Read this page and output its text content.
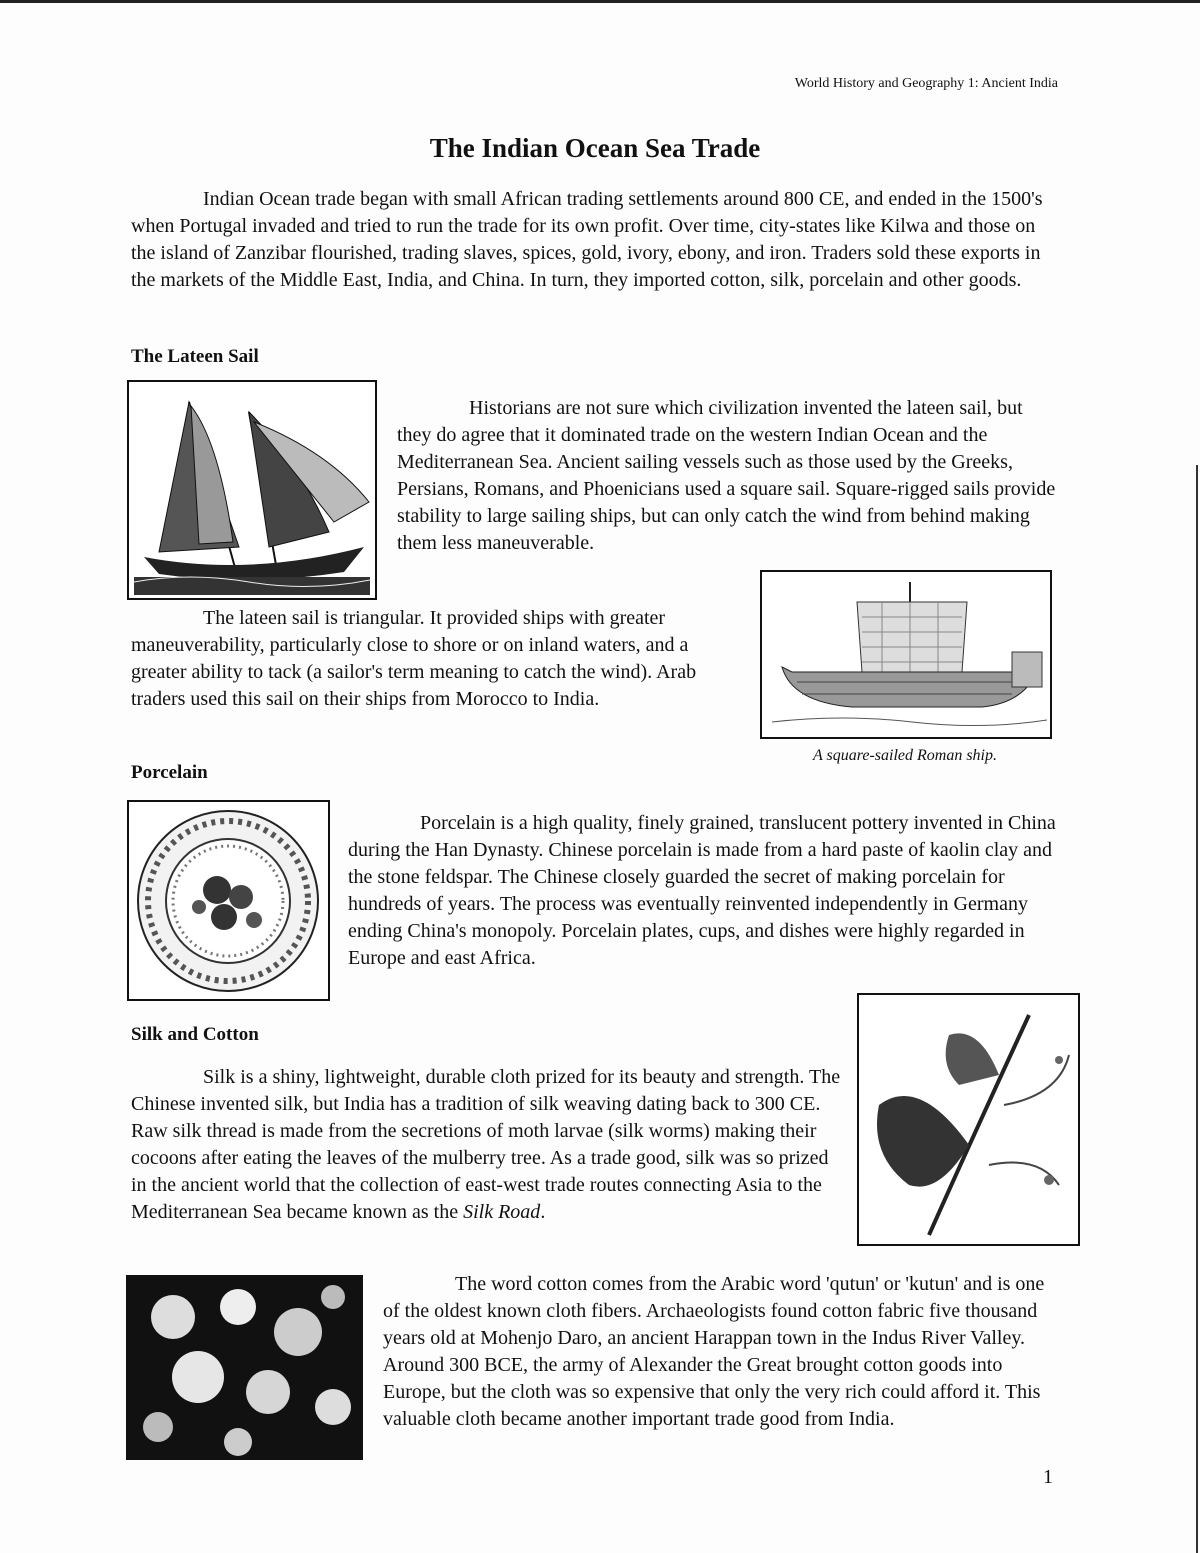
World History and Geography 1: Ancient India
The Indian Ocean Sea Trade

Indian Ocean trade began with small African trading settlements around 800 CE, and ended in the 1500's when Portugal invaded and tried to run the trade for its own profit. Over time, city-states like Kilwa and those on the island of Zanzibar flourished, trading slaves, spices, gold, ivory, ebony, and iron. Traders sold these exports in the markets of the Middle East, India, and China. In turn, they imported cotton, silk, porcelain and other goods.

The Lateen Sail

Historians are not sure which civilization invented the lateen sail, but they do agree that it dominated trade on the western Indian Ocean and the Mediterranean Sea. Ancient sailing vessels such as those used by the Greeks, Persians, Romans, and Phoenicians used a square sail. Square-rigged sails provide stability to large sailing ships, but can only catch the wind from behind making them less maneuverable.

The lateen sail is triangular. It provided ships with greater maneuverability, particularly close to shore or on inland waters, and a greater ability to tack (a sailor's term meaning to catch the wind). Arab traders used this sail on their ships from Morocco to India.

A square-sailed Roman ship.
Porcelain

Porcelain is a high quality, finely grained, translucent pottery invented in China during the Han Dynasty. Chinese porcelain is made from a hard paste of kaolin clay and the stone feldspar. The Chinese closely guarded the secret of making porcelain for hundreds of years. The process was eventually reinvented independently in Germany ending China's monopoly. Porcelain plates, cups, and dishes were highly regarded in Europe and east Africa.

Silk and Cotton

Silk is a shiny, lightweight, durable cloth prized for its beauty and strength. The Chinese invented silk, but India has a tradition of silk weaving dating back to 300 CE. Raw silk thread is made from the secretions of moth larvae (silk worms) making their cocoons after eating the leaves of the mulberry tree. As a trade good, silk was so prized in the ancient world that the collection of east-west trade routes connecting Asia to the Mediterranean Sea became known as the Silk Road.

The word cotton comes from the Arabic word 'qutun' or 'kutun' and is one of the oldest known cloth fibers. Archaeologists found cotton fabric five thousand years old at Mohenjo Daro, an ancient Harappan town in the Indus River Valley. Around 300 BCE, the army of Alexander the Great brought cotton goods into Europe, but the cloth was so expensive that only the very rich could afford it. This valuable cloth became another important trade good from India.

1
